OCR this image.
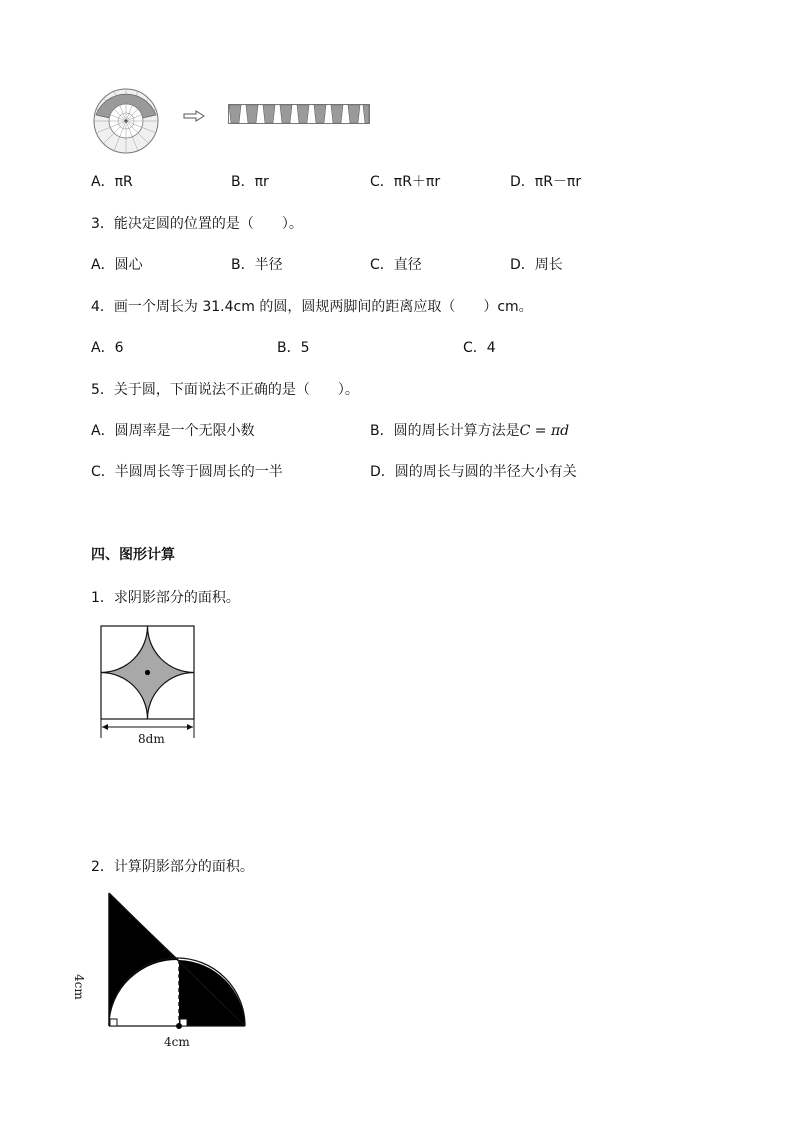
A．πR	B．πr	C．πR＋πr	D．πR－πr
3．能决定圆的位置的是（　　）。
A．圆心	B．半径	C．直径	D．周长
4．画一个周长为 31.4cm 的圆，圆规两脚间的距离应取（　　）cm。
A．6	B．5	C．4
5．关于圆，下面说法不正确的是（　　）。
A．圆周率是一个无限小数	B．圆的周长计算方法是C = πd
C．半圆周长等于圆周长的一半	D．圆的周长与圆的半径大小有关
四、图形计算
1．求阴影部分的面积。
8dm
2．计算阴影部分的面积。
4cm
4cm
